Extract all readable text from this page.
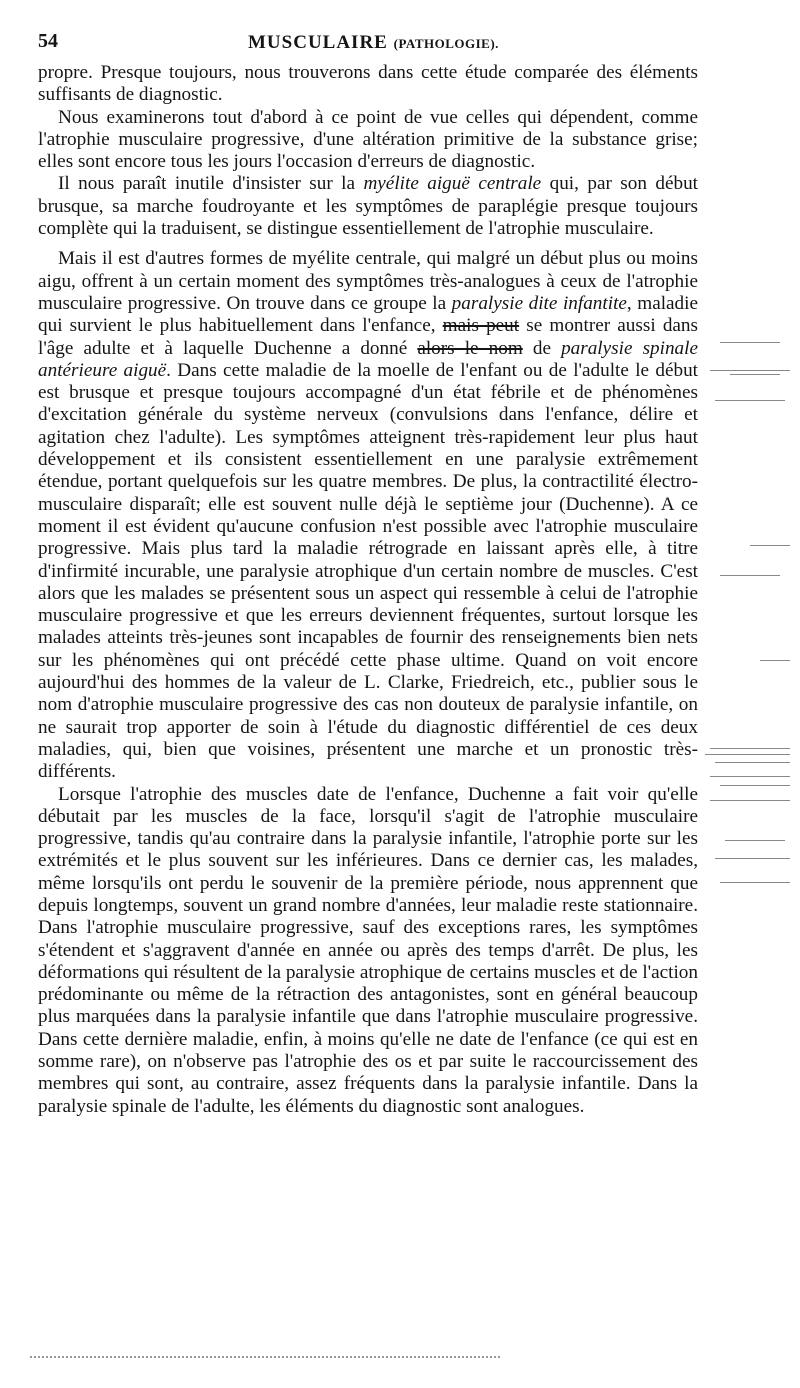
54	MUSCULAIRE (PATHOLOGIE).

propre. Presque toujours, nous trouverons dans cette étude comparée des éléments suffisants de diagnostic.

Nous examinerons tout d'abord à ce point de vue celles qui dépendent, comme l'atrophie musculaire progressive, d'une altération primitive de la substance grise; elles sont encore tous les jours l'occasion d'erreurs de diagnostic.

Il nous paraît inutile d'insister sur la myélite aiguë centrale qui, par son début brusque, sa marche foudroyante et les symptômes de paraplégie presque toujours complète qui la traduisent, se distingue essentiellement de l'atrophie musculaire.

Mais il est d'autres formes de myélite centrale, qui malgré un début plus ou moins aigu, offrent à un certain moment des symptômes très-analogues à ceux de l'atrophie musculaire progressive. On trouve dans ce groupe la paralysie dite infantite, maladie qui survient le plus habituellement dans l'enfance, mais peut se montrer aussi dans l'âge adulte et à laquelle Duchenne a donné alors le nom de paralysie spinale antérieure aiguë. Dans cette maladie de la moelle de l'enfant ou de l'adulte le début est brusque et presque toujours accompagné d'un état fébrile et de phénomènes d'excitation générale du système nerveux (convulsions dans l'enfance, délire et agitation chez l'adulte). Les symptômes atteignent très-rapidement leur plus haut développement et ils consistent essentiellement en une paralysie extrêmement étendue, portant quelquefois sur les quatre membres. De plus, la contractilité électro-musculaire disparaît; elle est souvent nulle déjà le septième jour (Duchenne). A ce moment il est évident qu'aucune confusion n'est possible avec l'atrophie musculaire progressive. Mais plus tard la maladie rétrograde en laissant après elle, à titre d'infirmité incurable, une paralysie atrophique d'un certain nombre de muscles. C'est alors que les malades se présentent sous un aspect qui ressemble à celui de l'atrophie musculaire progressive et que les erreurs deviennent fréquentes, surtout lorsque les malades atteints très-jeunes sont incapables de fournir des renseignements bien nets sur les phénomènes qui ont précédé cette phase ultime. Quand on voit encore aujourd'hui des hommes de la valeur de L. Clarke, Friedreich, etc., publier sous le nom d'atrophie musculaire progressive des cas non douteux de paralysie infantile, on ne saurait trop apporter de soin à l'étude du diagnostic différentiel de ces deux maladies, qui, bien que voisines, présentent une marche et un pronostic très-différents.

Lorsque l'atrophie des muscles date de l'enfance, Duchenne a fait voir qu'elle débutait par les muscles de la face, lorsqu'il s'agit de l'atrophie musculaire progressive, tandis qu'au contraire dans la paralysie infantile, l'atrophie porte sur les extrémités et le plus souvent sur les inférieures. Dans ce dernier cas, les malades, même lorsqu'ils ont perdu le souvenir de la première période, nous apprennent que depuis longtemps, souvent un grand nombre d'années, leur maladie reste stationnaire. Dans l'atrophie musculaire progressive, sauf des exceptions rares, les symptômes s'étendent et s'aggravent d'année en année ou après des temps d'arrêt. De plus, les déformations qui résultent de la paralysie atrophique de certains muscles et de l'action prédominante ou même de la rétraction des antagonistes, sont en général beaucoup plus marquées dans la paralysie infantile que dans l'atrophie musculaire progressive. Dans cette dernière maladie, enfin, à moins qu'elle ne date de l'enfance (ce qui est en somme rare), on n'observe pas l'atrophie des os et par suite le raccourcissement des membres qui sont, au contraire, assez fréquents dans la paralysie infantile. Dans la paralysie spinale de l'adulte, les éléments du diagnostic sont analogues.
